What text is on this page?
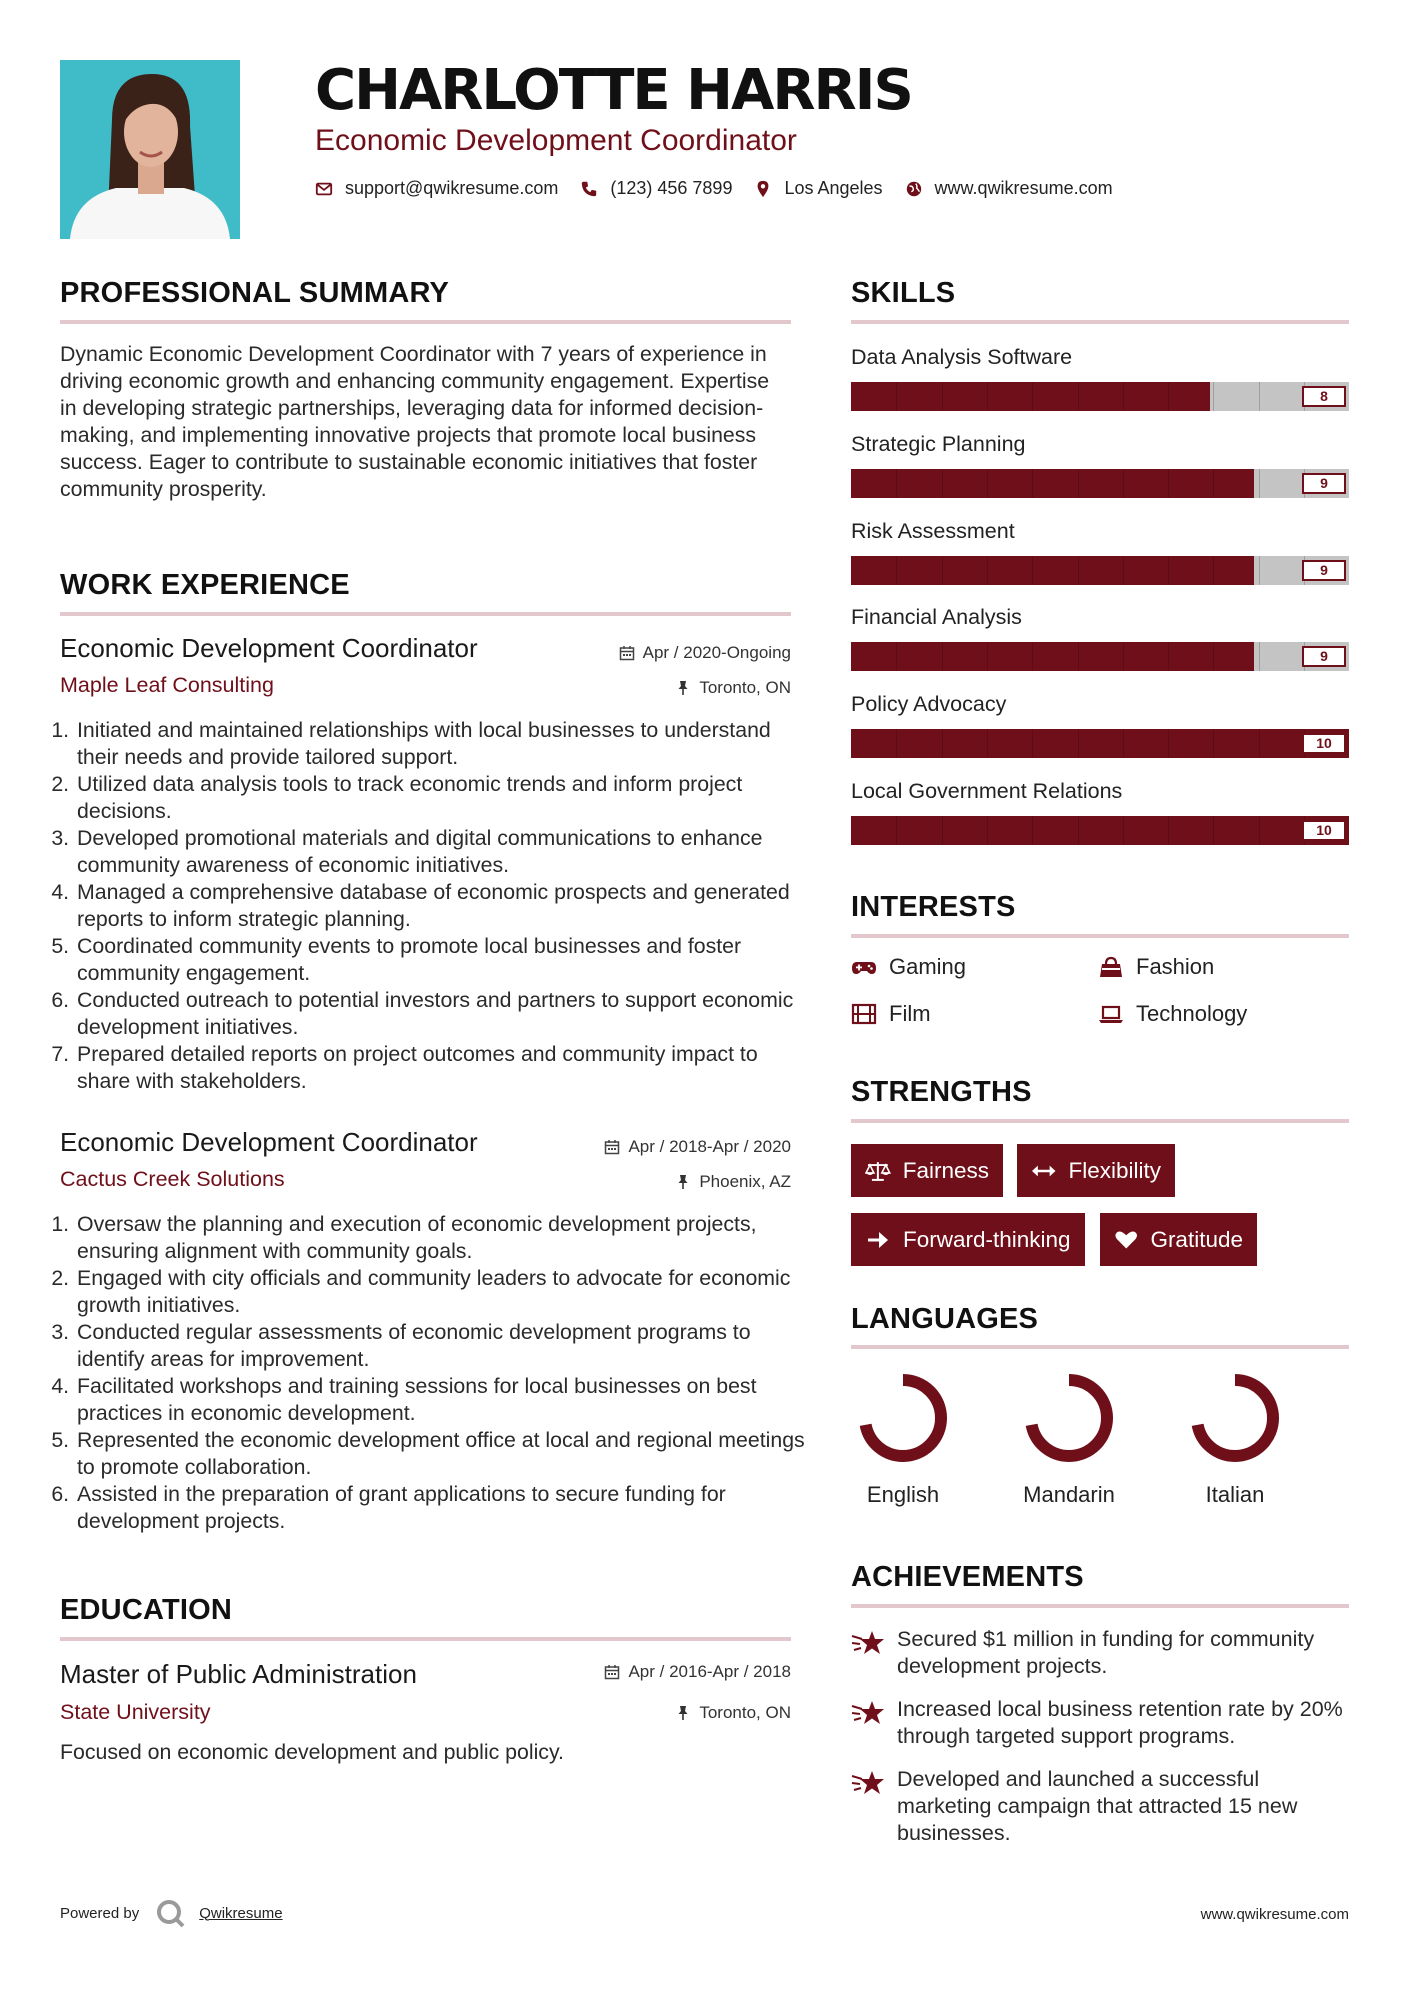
CHARLOTTE HARRIS
Economic Development Coordinator
support@qwikresume.com	(123) 456 7899	Los Angeles	www.qwikresume.com
PROFESSIONAL SUMMARY
Dynamic Economic Development Coordinator with 7 years of experience in driving economic growth and enhancing community engagement. Expertise in developing strategic partnerships, leveraging data for informed decision-making, and implementing innovative projects that promote local business success. Eager to contribute to sustainable economic initiatives that foster community prosperity.
WORK EXPERIENCE
Economic Development Coordinator	Apr / 2020-Ongoing
Maple Leaf Consulting	Toronto, ON
1. Initiated and maintained relationships with local businesses to understand their needs and provide tailored support.
2. Utilized data analysis tools to track economic trends and inform project decisions.
3. Developed promotional materials and digital communications to enhance community awareness of economic initiatives.
4. Managed a comprehensive database of economic prospects and generated reports to inform strategic planning.
5. Coordinated community events to promote local businesses and foster community engagement.
6. Conducted outreach to potential investors and partners to support economic development initiatives.
7. Prepared detailed reports on project outcomes and community impact to share with stakeholders.
Economic Development Coordinator	Apr / 2018-Apr / 2020
Cactus Creek Solutions	Phoenix, AZ
1. Oversaw the planning and execution of economic development projects, ensuring alignment with community goals.
2. Engaged with city officials and community leaders to advocate for economic growth initiatives.
3. Conducted regular assessments of economic development programs to identify areas for improvement.
4. Facilitated workshops and training sessions for local businesses on best practices in economic development.
5. Represented the economic development office at local and regional meetings to promote collaboration.
6. Assisted in the preparation of grant applications to secure funding for development projects.
EDUCATION
Master of Public Administration	Apr / 2016-Apr / 2018
State University	Toronto, ON
Focused on economic development and public policy.
SKILLS
Data Analysis Software
8
Strategic Planning
9
Risk Assessment
9
Financial Analysis
9
Policy Advocacy
10
Local Government Relations
10
INTERESTS
Gaming	Fashion
Film	Technology
STRENGTHS
Fairness	Flexibility
Forward-thinking	Gratitude
LANGUAGES
English	Mandarin	Italian
ACHIEVEMENTS
Secured $1 million in funding for community development projects.
Increased local business retention rate by 20% through targeted support programs.
Developed and launched a successful marketing campaign that attracted 15 new businesses.
Powered by	Qwikresume	www.qwikresume.com
